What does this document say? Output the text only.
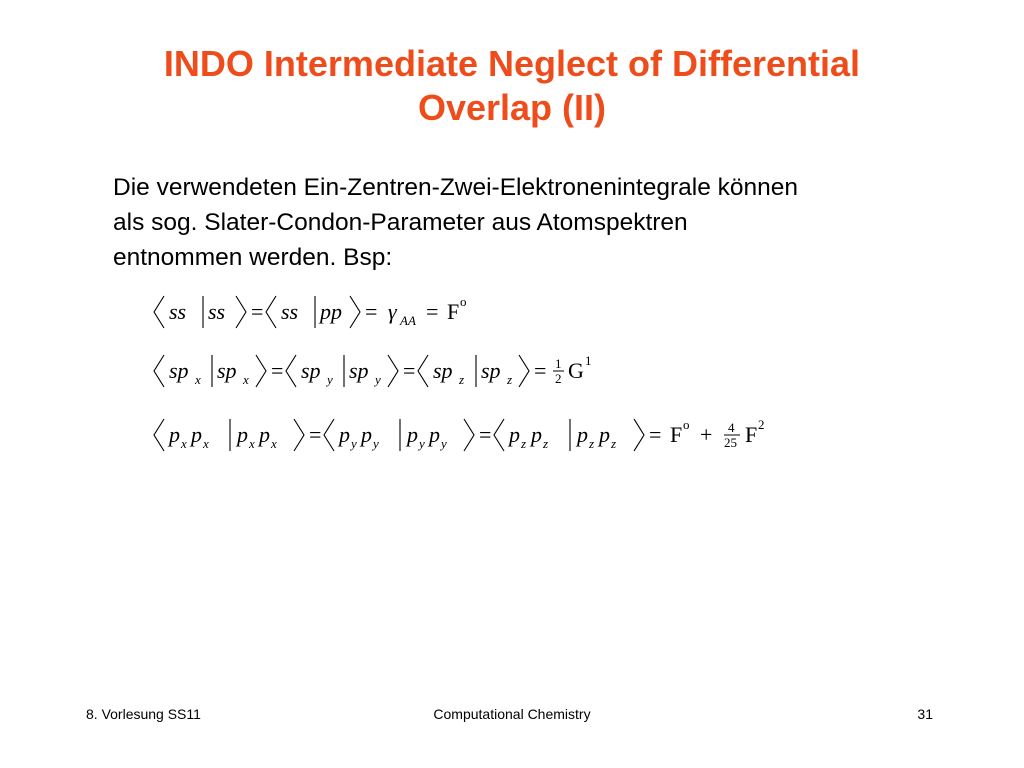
INDO Intermediate Neglect of Differential
Overlap (II)

Die verwendeten Ein-Zentren-Zwei-Elektronenintegrale können
als sog. Slater-Condon-Parameter aus Atomspektren
entnommen werden. Bsp:

ss ss = ss pp = γ AA = F o
sp x sp x sp y sp y sp z sp z
=	=	= 1
2 G 1
p x p x p x p x	p y p y p y p y	p z p z p z p z
=	=	= F o + 4
25 F 2
8. Vorlesung SS11	Computational Chemistry	31
